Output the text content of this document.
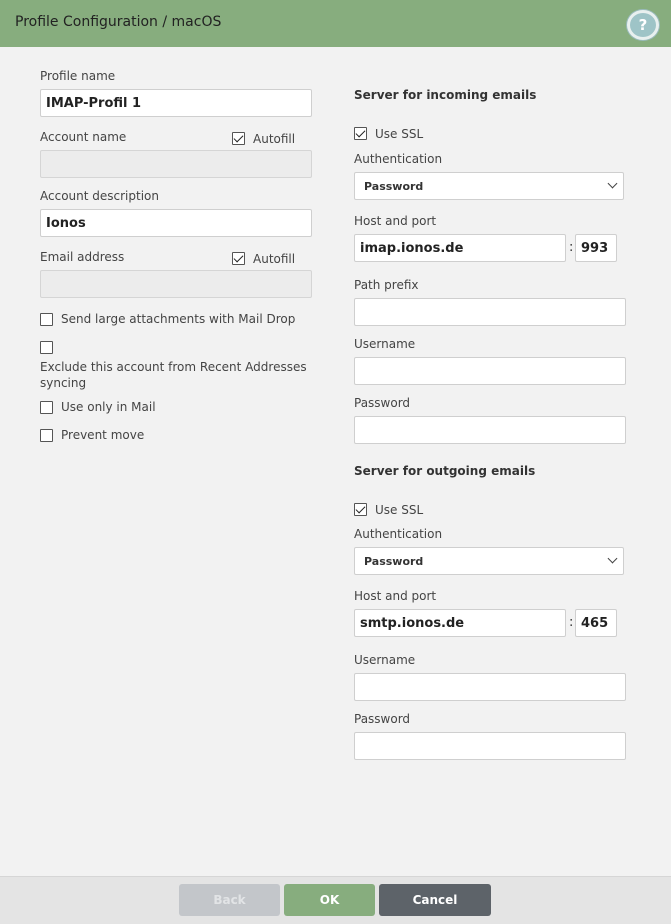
Profile Configuration / macOS	?
Profile name
IMAP-Profil 1
Account name	Autofill
Account description
Ionos
Email address	Autofill
Send large attachments with Mail Drop
Exclude this account from Recent Addresses
syncing
Use only in Mail
Prevent move
Server for incoming emails
Use SSL
Authentication
Password
Host and port
imap.ionos.de	: 993
Path prefix
Username
Password
Server for outgoing emails
Use SSL
Authentication
Password
Host and port
smtp.ionos.de	: 465
Username
Password
Back	OK	Cancel
